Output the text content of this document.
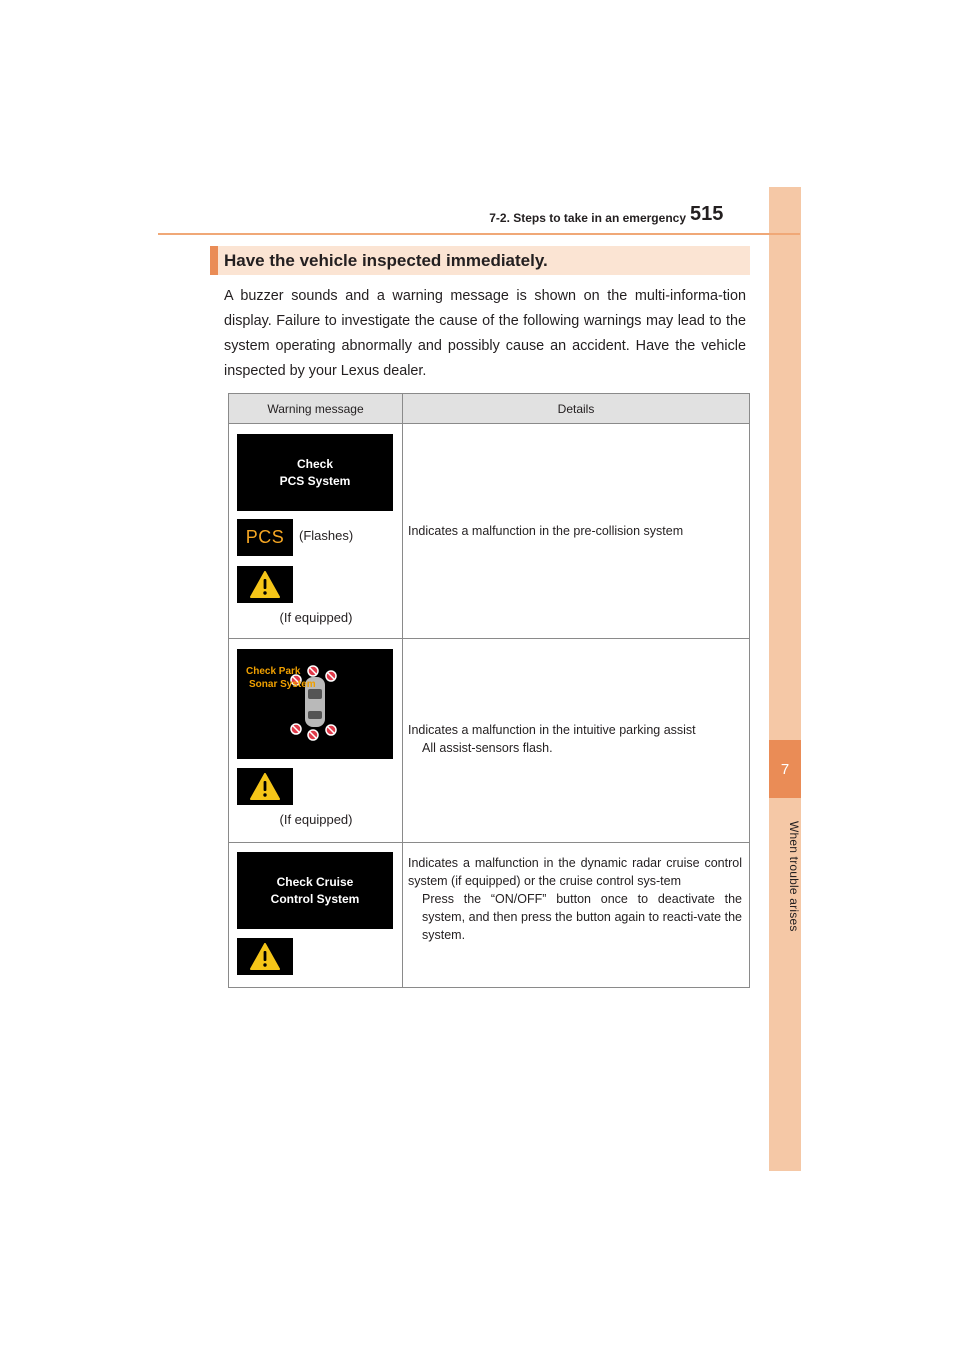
7
When trouble arises
7-2. Steps to take in an emergency 515
Have the vehicle inspected immediately.

A buzzer sounds and a warning message is shown on the multi-informa-tion display. Failure to investigate the cause of the following warnings may lead to the system operating abnormally and possibly cause an accident. Have the vehicle inspected by your Lexus dealer.

Warning message	Details
Check
PCS System
PCS (Flashes)
(If equipped)
Indicates a malfunction in the pre-collision system
Check Park
Sonar System
(If equipped)
Indicates a malfunction in the intuitive parking assist
All assist-sensors flash.
Check Cruise
Control System
Indicates a malfunction in the dynamic radar cruise control system (if equipped) or the cruise control sys-tem
Press the “ON/OFF” button once to deactivate the system, and then press the button again to reacti-vate the system.
